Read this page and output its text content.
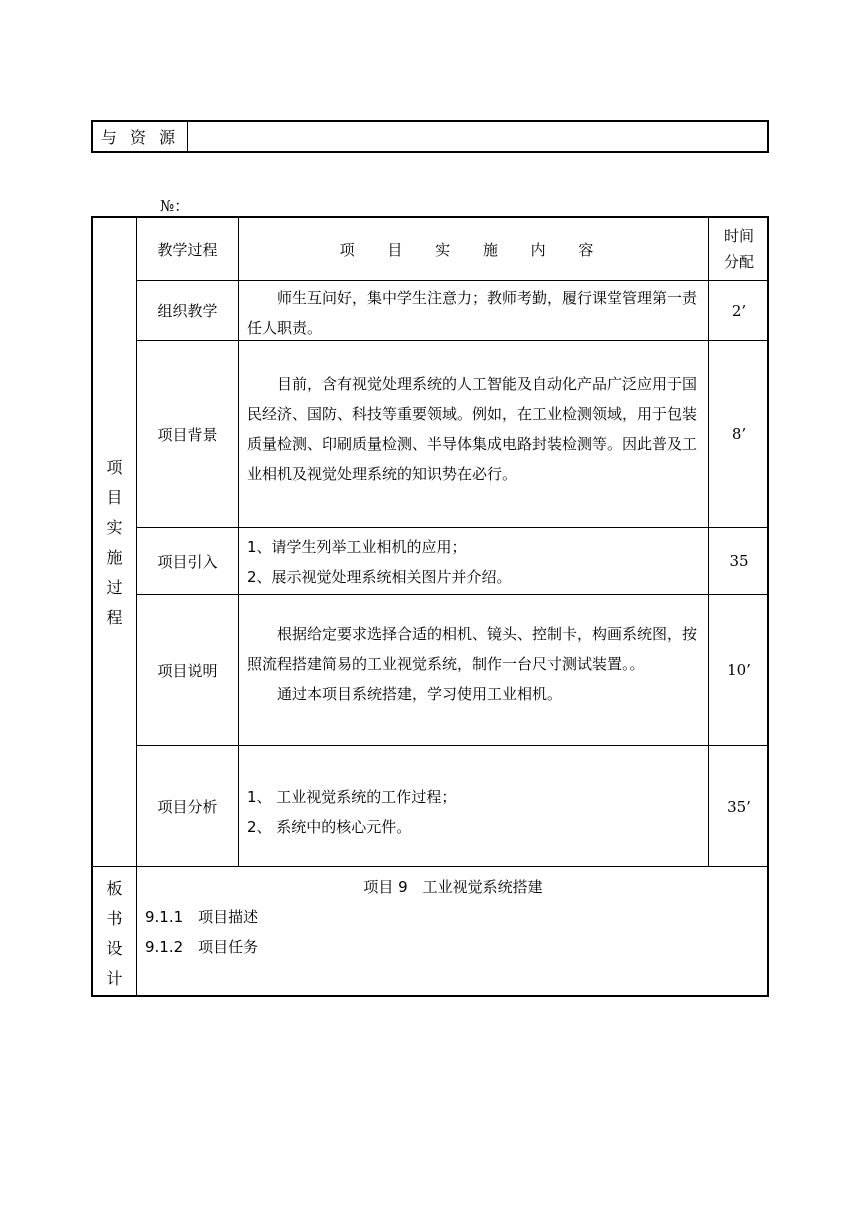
与 资 源
№：
项
目
实
施
过
程
教学过程	项 目 实 施 内 容
时间
分配
组织教学
师生互问好，集中学生注意力；教师考勤，履行课堂管理第一责任人职责。
2’
项目背景
目前，含有视觉处理系统的人工智能及自动化产品广泛应用于国民经济、国防、科技等重要领域。例如，在工业检测领域，用于包装质量检测、印刷质量检测、半导体集成电路封装检测等。因此普及工业相机及视觉处理系统的知识势在必行。
8’
项目引入
1、请学生列举工业相机的应用；
2、展示视觉处理系统相关图片并介绍。
35
项目说明
根据给定要求选择合适的相机、镜头、控制卡，构画系统图，按照流程搭建简易的工业视觉系统，制作一台尺寸测试装置。。
通过本项目系统搭建，学习使用工业相机。
10’
项目分析
1、 工业视觉系统的工作过程；
2、 系统中的核心元件。
35’
板
书
设
计
项目 9　工业视觉系统搭建
9.1.1　项目描述
9.1.2　项目任务
